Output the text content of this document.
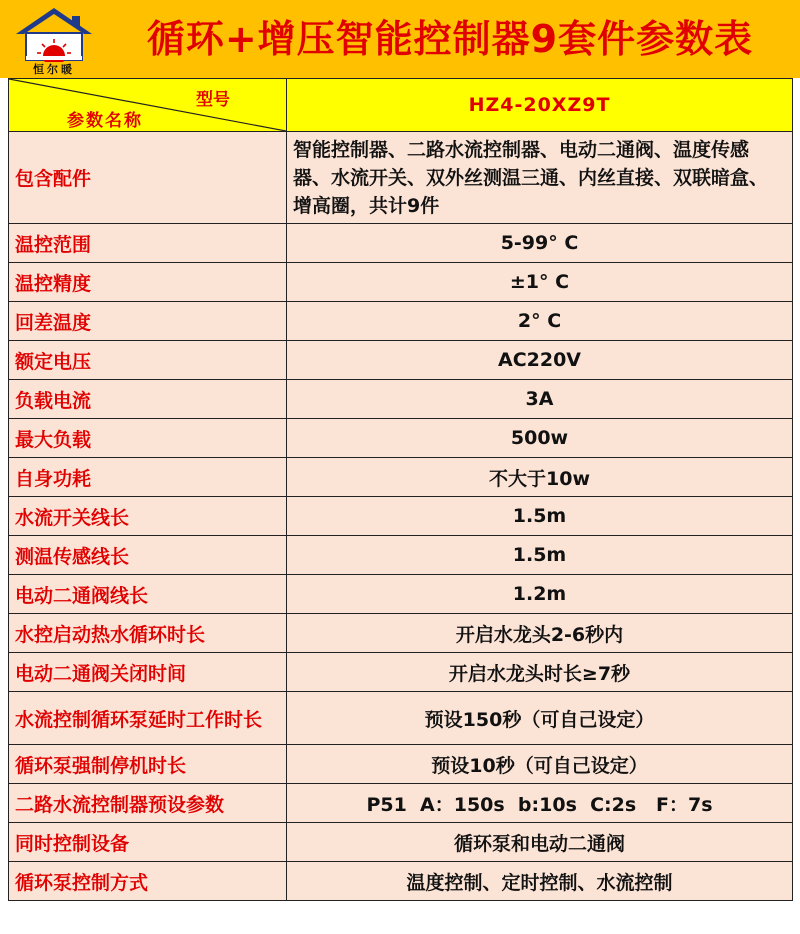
恒尔暖
循环+增压智能控制器9套件参数表
型号
参数名称	HZ4-20XZ9T
包含配件	智能控制器、二路水流控制器、电动二通阀、温度传感器、水流开关、双外丝测温三通、内丝直接、双联暗盒、增高圈，共计9件
温控范围	5-99° C
温控精度	±1° C
回差温度	2° C
额定电压	AC220V
负载电流	3A
最大负载	500w
自身功耗	不大于10w
水流开关线长	1.5m
测温传感线长	1.5m
电动二通阀线长	1.2m
水控启动热水循环时长	开启水龙头2-6秒内
电动二通阀关闭时间	开启水龙头时长≥7秒
水流控制循环泵延时工作时长	预设150秒（可自己设定）
循环泵强制停机时长	预设10秒（可自己设定）
二路水流控制器预设参数	P51  A：150s  b:10s  C:2s   F：7s
同时控制设备	循环泵和电动二通阀
循环泵控制方式	温度控制、定时控制、水流控制
